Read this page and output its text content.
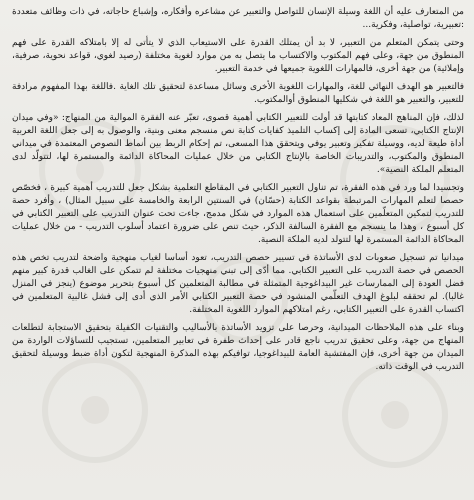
من المتعارف عليه أن اللغة وسيلة الإنسان للتواصل والتعبير عن مشاعره وأفكاره، وإشباع حاجاته، في ذات وظائف متعددة :تعبيرية، تواصلية، وفكرية...

وحتى يتمكن المتعلم من التعبير، لا بد أن يمتلك القدرة على الاستيعاب الذي لا يتأتى له إلا بامتلاكه القدرة على فهم المنطوق من جهة، وعلى فهم المكتوب والاكتساب ما يتصل به من موارد لغوية مختلفة (رصيد لغوي، قواعد نحوية، صرفية، وإملائية) من جهة أخرى، فالمهارات اللغوية جميعها في خدمة التعبير.

فالتعبير هو الهدف النهائي للغة، والمهارات اللغوية الأخرى وسائل مساعدة لتحقيق تلك الغاية .فاللغة بهذا المفهوم مرادفة للتعبير، والتعبير هو اللغة في شكليها المنطوق أوالمكتوب.

لذلك، فإن المناهج المعاد كتابتها قد أولت للتعبير الكتابي أهمية قصوى، تعبّر عنه الفقرة الموالية من المنهاج: «وفي ميدان الإنتاج الكتابي، تسعى المادة إلى إكساب التلميذ كفايات كتابة نص منسجم معنى وبنية، والوصول به إلى جعل اللغة العربية أداة طيعة لديه، ووسيلة تفكير وتعبير يوفي ويتحقق هذا المسعى، تم إحكام الربط بين أنماط النصوص المعتمدة في ميداني المنطوق والمكتوب، والتدريبات الخاصة بالإنتاج الكتابي من خلال عمليات المحاكاة الدائمة والمستمرة لها، لتتولّد لدى المتعلم الملكة النصية».

وتجسيدا لما ورد في هذه الفقرة، تم تناول التعبير الكتابي في المقاطع التعلمية بشكل جعل للتدريب أهمية كبيرة ، فخصّص حصصا لتعلم المهارات المرتبطة بقواعد الكتابة (حسّان) في السنتين الرابعة والخامسة على سبيل المثال) ، وأفرد حصة للتدريب لتمكين المتعلّمين على استعمال هذه الموارد في شكل مدمج، جاءت تحت عنوان التدريب على التعبير الكتابي في كل أسبوع ، وهذا ما ينسجم مع الفقرة السالفة الذكر، حيث تنص على ضرورة اعتماد أسلوب التدريب - من خلال عمليات المحاكاة الدائمة المستمرة لها لتتولد لديه الملكة النصية.

ميدانيا تم تسجيل صعوبات لدى الأساتذة في تسيير حصص التدريب، تعود أساسا لغياب منهجية واضحة لتدريب تخص هذه الحصص في حصة التدريب على التعبير الكتابي. مما أدّى إلى تبني منهجيات مختلفة لم تتمكن على الغالب قدرة كبير منهم فضل العودة إلى الممارسات غير البيداغوجية المتمثلة في مطالبة المتعلمين كل أسبوع بتحرير موضوع (ينجز في المنزل غالبا). لم تحققه لبلوغ الهدف التعلّمي المنشود في حصة التعبير الكتابي الأمر الذي أدى إلى فشل غالبية المتعلمين في اكتساب القدرة على التعبير الكتابي، رغم امتلاكهم الموارد اللغوية المختلفة.

وبناء على هذه الملاحظات الميدانية، وحرصا على تزويد الأساتذة بالأساليب والتقنيات الكفيلة بتحقيق الاستجابة لتطلعات المنهاج من جهة، وعلى تحقيق تدريب ناجع قادر على إحداث طفرة في تعابير المتعلمين، تستجيب للتساؤلات الواردة من الميدان من جهة أخرى، فإن المفتشية العامة للبيداغوجيا، توافيكم بهذه المذكرة المنهجية لتكون أداة ضبط ووسيلة لتحقيق التدريب في الوقت ذاته.
